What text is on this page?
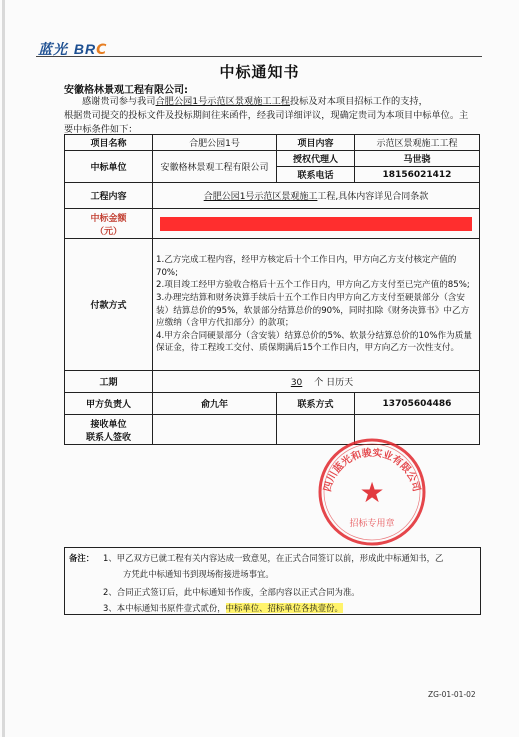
蓝光 BRC
中标通知书
安徽格林景观工程有限公司:

感谢贵司参与我司合肥公园1号示范区景观施工工程投标及对本项目招标工作的支持，

根据贵司提交的投标文件及投标期间往来函件，经我司详细评议，现确定贵司为本项目中标单位。主要中标条件如下：

项目名称	合肥公园1号	项目内容	示范区景观施工工程
中标单位	安徽格林景观工程有限公司	授权代理人	马世骁
		联系电话	18156021412
工程内容	合肥公园1号示范区景观施工工程,具体内容详见合同条款		

中标金额
（元）			

付款方式	1.乙方完成工程内容，经甲方核定后十个工作日内，甲方向乙方支付核定产值的70%;

2.项目竣工经甲方验收合格后十五个工作日内，甲方向乙方支付至已完产值的85%;

3.办理完结算和财务决算手续后十五个工作日内甲方向乙方支付至硬景部分（含安装）结算总价的95%，软景部分结算总价的90%，同时扣除《财务决算书》中乙方应缴纳（含甲方代扣部分）的款项；

4.甲方余合同硬景部分（含安装）结算总价的5%、软景分结算总价的10%作为质量保证金，待工程竣工交付、质保期满后15个工作日内，甲方向乙方一次性支付。		

工期	30 个 日历天		
甲方负责人	俞九年	联系方式	13705604486

接收单位
联系人签收			

四川蓝光和骏实业有限公司
★
招标专用章
备注： 1、甲乙双方已就工程有关内容达成一致意见，在正式合同签订以前，形成此中标通知书，乙
方凭此中标通知书到现场衔接进场事宜。
2、合同正式签订后，此中标通知书作废，全部内容以正式合同为准。
3、本中标通知书原件壹式贰份，中标单位、招标单位各执壹份。
ZG-01-01-02
